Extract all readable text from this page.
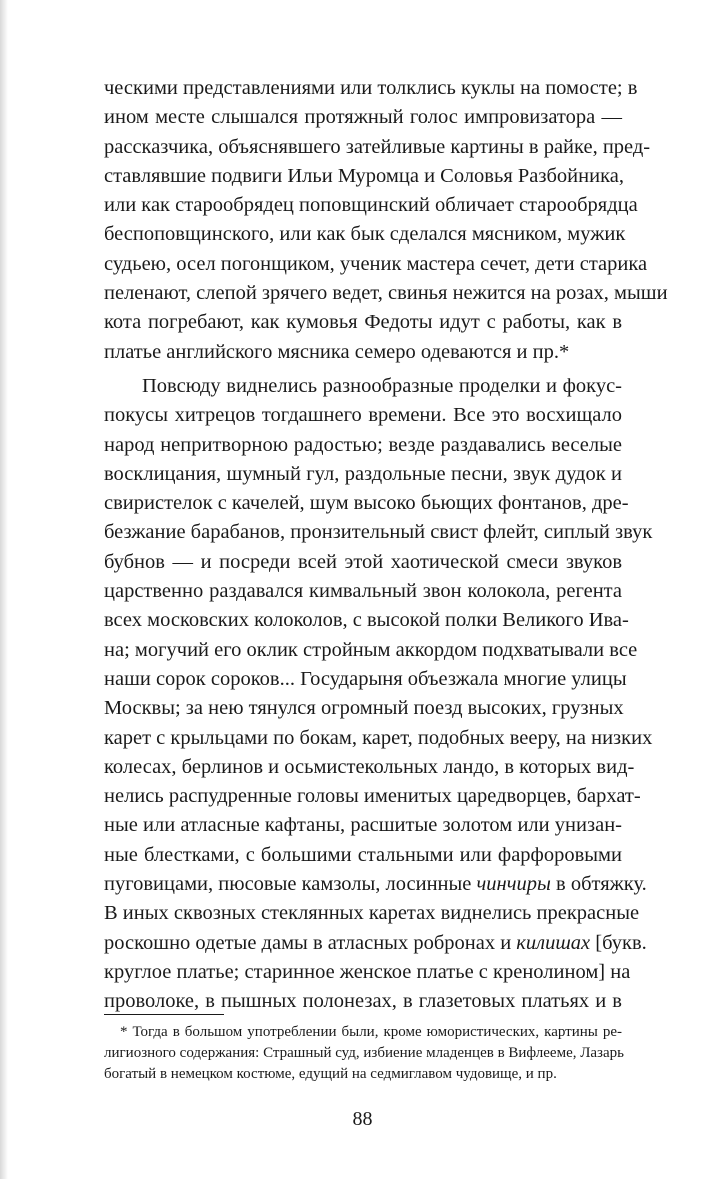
ческими представлениями или толклись куклы на помосте; в
ином месте слышался протяжный голос импровизатора —
рассказчика, объяснявшего затейливые картины в райке, пред-
ставлявшие подвиги Ильи Муромца и Соловья Разбойника,
или как старообрядец поповщинский обличает старообрядца
беспоповщинского, или как бык сделался мясником, мужик
судьею, осел погонщиком, ученик мастера сечет, дети старика
пеленают, слепой зрячего ведет, свинья нежится на розах, мыши
кота погребают, как кумовья Федоты идут с работы, как в
платье английского мясника семеро одеваются и пр.*
Повсюду виднелись разнообразные проделки и фокус-
покусы хитрецов тогдашнего времени. Все это восхищало
народ непритворною радостью; везде раздавались веселые
восклицания, шумный гул, раздольные песни, звук дудок и
свиристелок с качелей, шум высоко бьющих фонтанов, дре-
безжание барабанов, пронзительный свист флейт, сиплый звук
бубнов — и посреди всей этой хаотической смеси звуков
царственно раздавался кимвальный звон колокола, регента
всех московских колоколов, с высокой полки Великого Ива-
на; могучий его оклик стройным аккордом подхватывали все
наши сорок сороков... Государыня объезжала многие улицы
Москвы; за нею тянулся огромный поезд высоких, грузных
карет с крыльцами по бокам, карет, подобных вееру, на низких
колесах, берлинов и осьмистекольных ландо, в которых вид-
нелись распудренные головы именитых царедворцев, бархат-
ные или атласные кафтаны, расшитые золотом или унизан-
ные блестками, с большими стальными или фарфоровыми
пуговицами, пюсовые камзолы, лосинные чинчиры в обтяжку.
В иных сквозных стеклянных каретах виднелись прекрасные
роскошно одетые дамы в атласных робронах и килишах [букв.
круглое платье; старинное женское платье с кренолином] на
проволоке, в пышных полонезах, в глазетовых платьях и в
* Тогда в большом употреблении были, кроме юмористических, картины ре-
лигиозного содержания: Страшный суд, избиение младенцев в Вифлееме, Лазарь
богатый в немецком костюме, едущий на седмиглавом чудовище, и пр.
88
